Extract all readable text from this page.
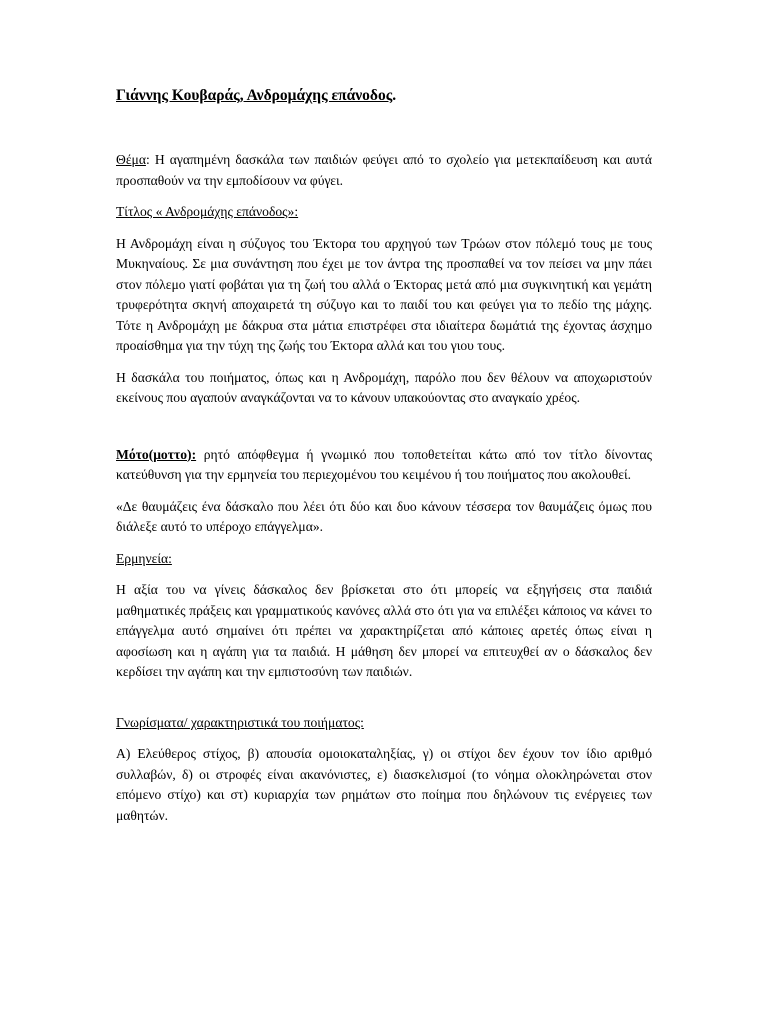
Γιάννης Κουβαράς, Ανδρομάχης επάνοδος.

Θέμα: Η αγαπημένη δασκάλα των παιδιών φεύγει από το σχολείο για μετεκπαίδευση και αυτά προσπαθούν να την εμποδίσουν να φύγει.

Τίτλος « Ανδρομάχης επάνοδος»:

Η Ανδρομάχη είναι η σύζυγος του Έκτορα του αρχηγού των Τρώων στον πόλεμό τους με τους Μυκηναίους. Σε μια συνάντηση που έχει με τον άντρα της προσπαθεί να τον πείσει να μην πάει στον πόλεμο γιατί φοβάται για τη ζωή του αλλά ο Έκτορας μετά από μια συγκινητική και γεμάτη τρυφερότητα σκηνή αποχαιρετά τη σύζυγο και το παιδί του και φεύγει για το πεδίο της μάχης. Τότε η Ανδρομάχη με δάκρυα στα μάτια επιστρέφει στα ιδιαίτερα δωμάτιά της έχοντας άσχημο προαίσθημα για την τύχη της ζωής του Έκτορα αλλά και του γιου τους.

Η δασκάλα του ποιήματος, όπως και η Ανδρομάχη, παρόλο που δεν θέλουν να αποχωριστούν εκείνους που αγαπούν αναγκάζονται να το κάνουν υπακούοντας στο αναγκαίο χρέος.

Μότο(μοττο): ρητό απόφθεγμα ή γνωμικό που τοποθετείται κάτω από τον τίτλο δίνοντας κατεύθυνση για την ερμηνεία του περιεχομένου του κειμένου ή του ποιήματος που ακολουθεί.

«Δε θαυμάζεις ένα δάσκαλο που λέει ότι δύο και δυο κάνουν τέσσερα τον θαυμάζεις όμως που διάλεξε αυτό το υπέροχο επάγγελμα».

Ερμηνεία:

Η αξία του να γίνεις δάσκαλος δεν βρίσκεται στο ότι μπορείς να εξηγήσεις στα παιδιά μαθηματικές πράξεις και γραμματικούς κανόνες αλλά στο ότι για να επιλέξει κάποιος να κάνει το επάγγελμα αυτό σημαίνει ότι πρέπει να χαρακτηρίζεται από κάποιες αρετές όπως είναι η αφοσίωση και η αγάπη για τα παιδιά. Η μάθηση δεν μπορεί να επιτευχθεί αν ο δάσκαλος δεν κερδίσει την αγάπη και την εμπιστοσύνη των παιδιών.

Γνωρίσματα/ χαρακτηριστικά του ποιήματος:

Α) Ελεύθερος στίχος, β) απουσία ομοιοκαταληξίας, γ) οι στίχοι δεν έχουν τον ίδιο αριθμό συλλαβών, δ) οι στροφές είναι ακανόνιστες, ε) διασκελισμοί (το νόημα ολοκληρώνεται στον επόμενο στίχο) και στ) κυριαρχία των ρημάτων στο ποίημα που δηλώνουν τις ενέργειες των μαθητών.
